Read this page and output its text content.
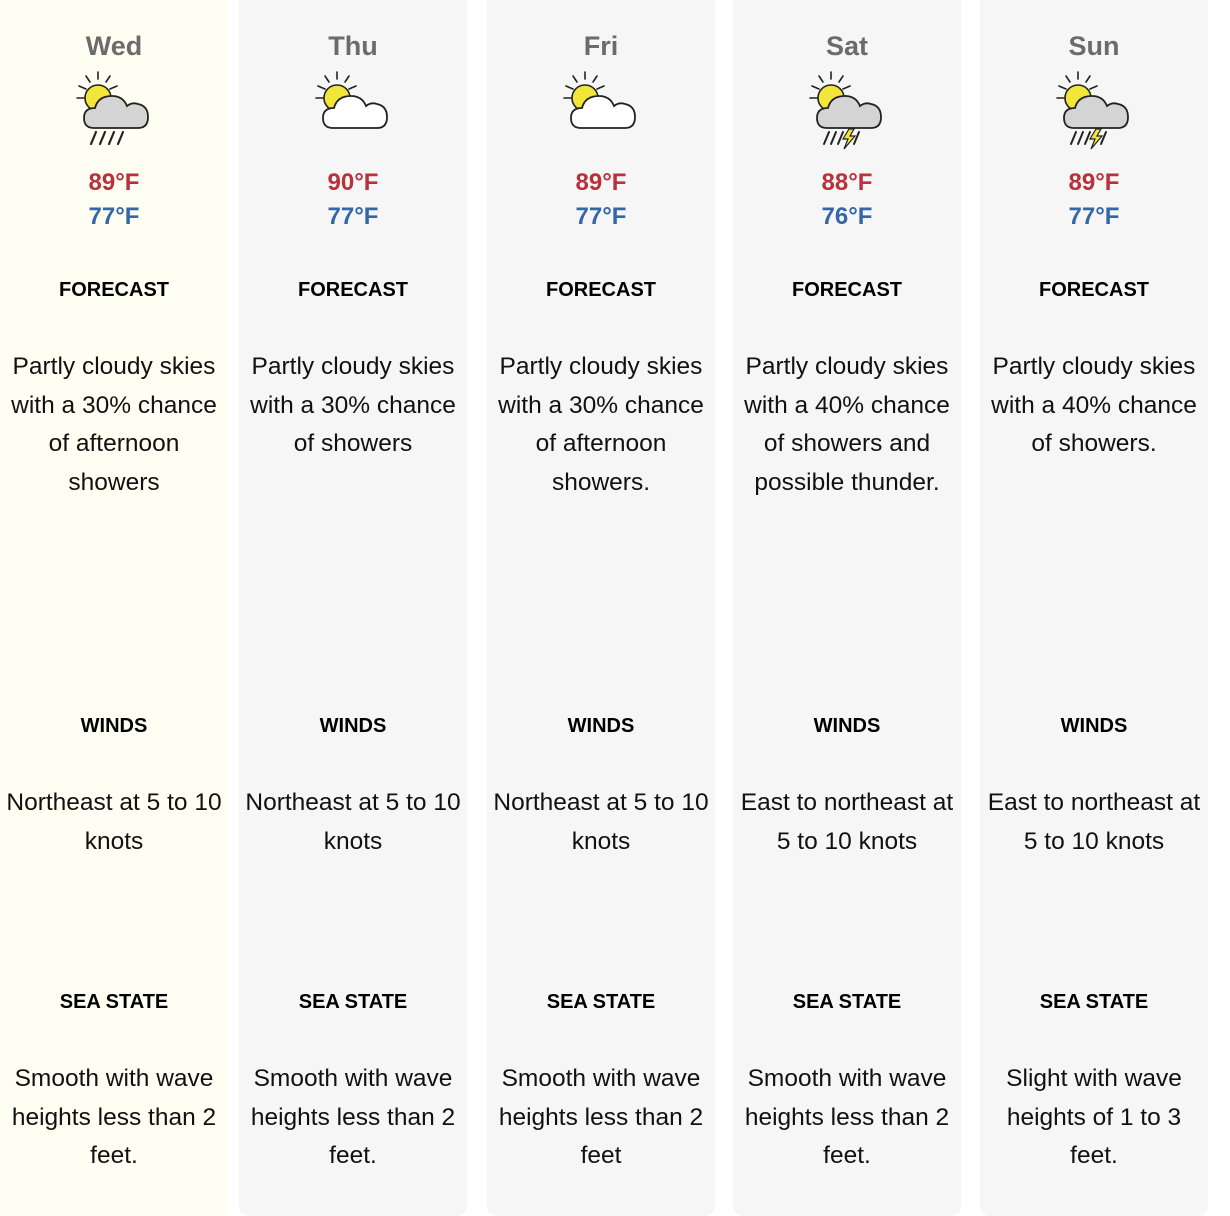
Wed
89°F
77°F
FORECAST
Partly cloudy skies with a 30% chance of afternoon showers
WINDS
Northeast at 5 to 10 knots
SEA STATE
Smooth with wave heights less than 2 feet.
Thu
90°F
77°F
FORECAST
Partly cloudy skies with a 30% chance of showers
WINDS
Northeast at 5 to 10 knots
SEA STATE
Smooth with wave heights less than 2 feet.
Fri
89°F
77°F
FORECAST
Partly cloudy skies with a 30% chance of afternoon showers.
WINDS
Northeast at 5 to 10 knots
SEA STATE
Smooth with wave heights less than 2 feet
Sat
88°F
76°F
FORECAST
Partly cloudy skies with a 40% chance of showers and possible thunder.
WINDS
East to northeast at 5 to 10 knots
SEA STATE
Smooth with wave heights less than 2 feet.
Sun
89°F
77°F
FORECAST
Partly cloudy skies with a 40% chance of showers.
WINDS
East to northeast at 5 to 10 knots
SEA STATE
Slight with wave heights of 1 to 3 feet.
